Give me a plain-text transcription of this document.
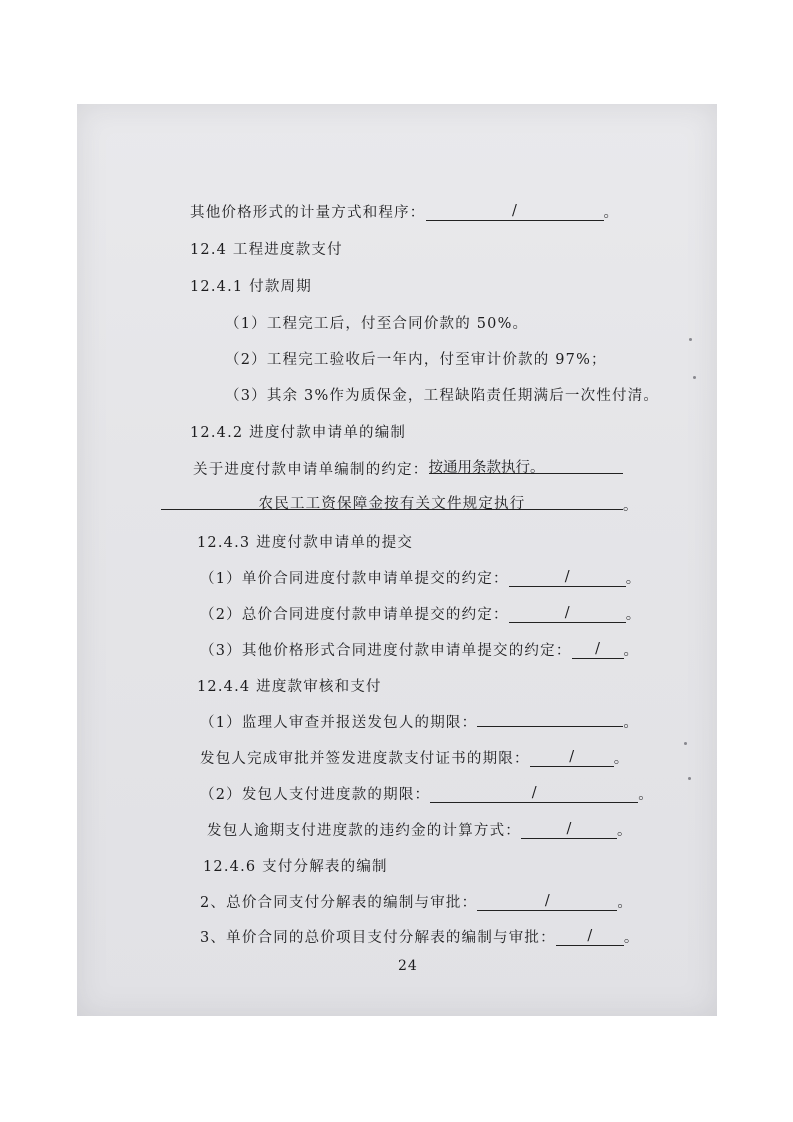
其他价格形式的计量方式和程序：	/	。
12.4 工程进度款支付
12.4.1 付款周期
（1）工程完工后，付至合同价款的 50%。
（2）工程完工验收后一年内，付至审计价款的 97%；
（3）其余 3%作为质保金，工程缺陷责任期满后一次性付清。
12.4.2 进度付款申请单的编制
关于进度付款申请单编制的约定：按通用条款执行。
农民工工资保障金按有关文件规定执行	。
12.4.3 进度付款申请单的提交
（1）单价合同进度付款申请单提交的约定：	/	。
（2）总价合同进度付款申请单提交的约定：	/	。
（3）其他价格形式合同进度付款申请单提交的约定： / 。
12.4.4 进度款审核和支付
（1）监理人审查并报送发包人的期限：	。
发包人完成审批并签发进度款支付证书的期限：	/	。
（2）发包人支付进度款的期限：	/	。
发包人逾期支付进度款的违约金的计算方式：	/	。
12.4.6 支付分解表的编制
2、总价合同支付分解表的编制与审批：	/	。
3、单价合同的总价项目支付分解表的编制与审批： / 。
24
